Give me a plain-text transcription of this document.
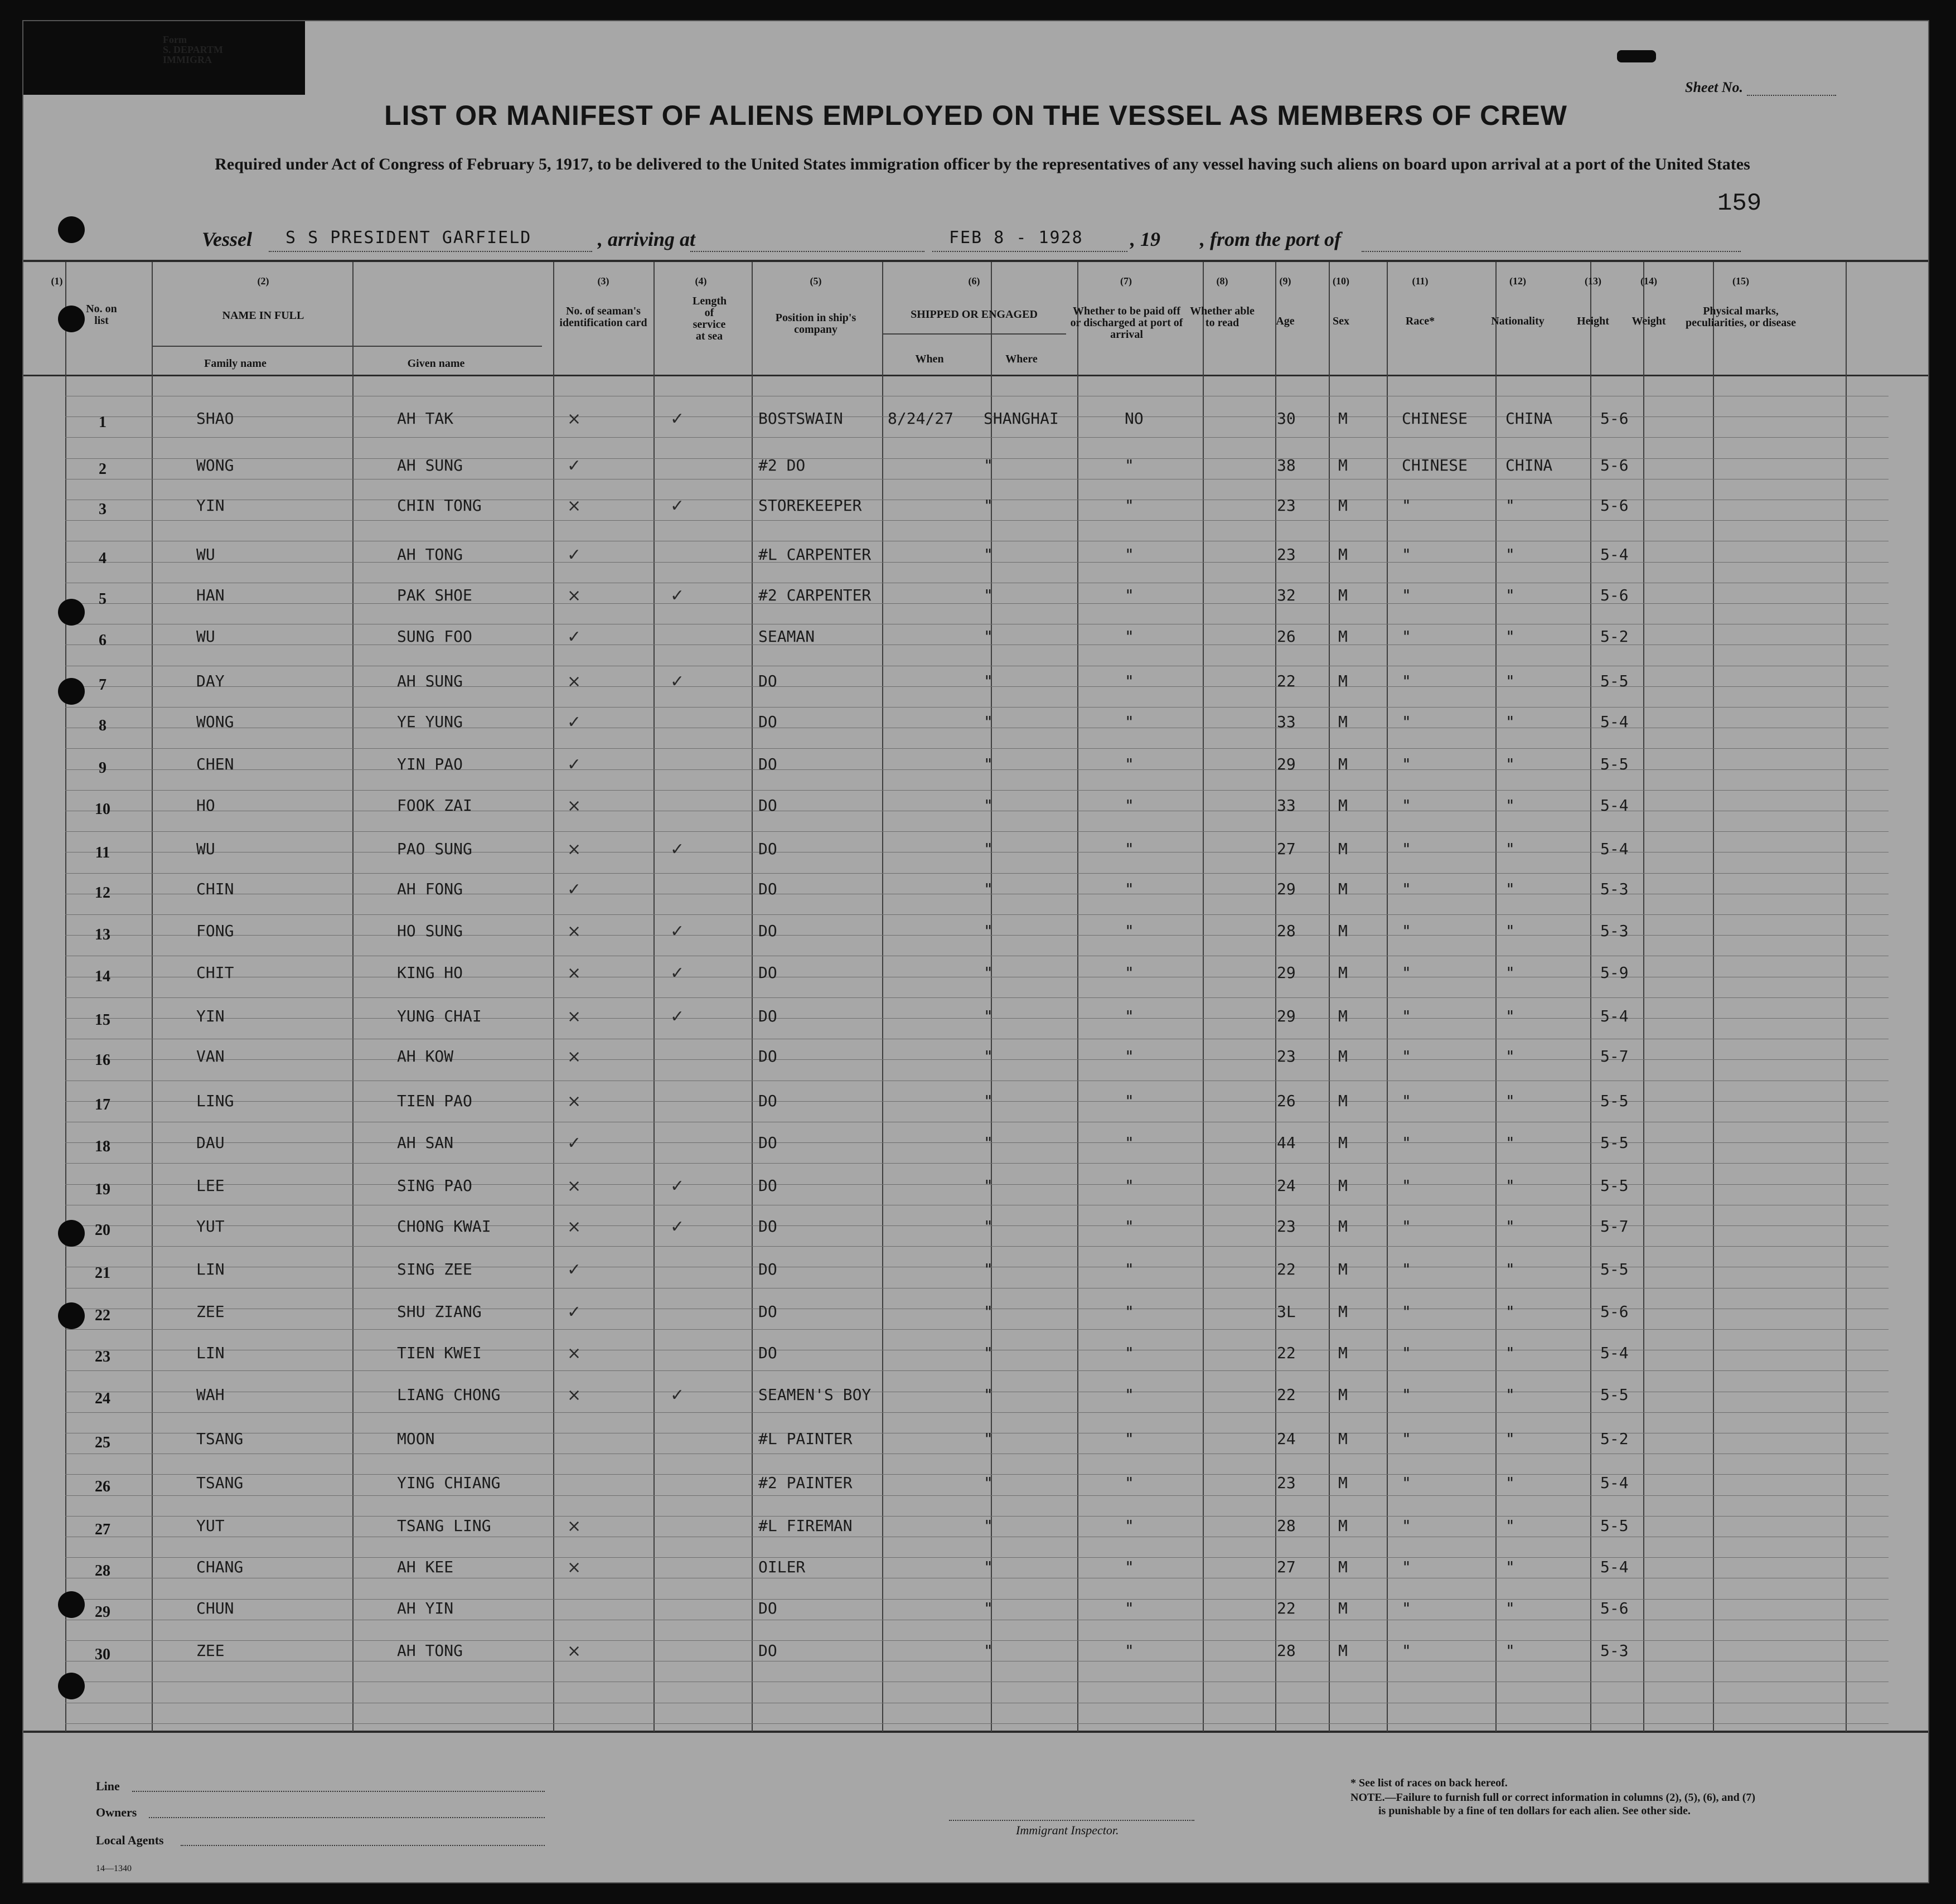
Form
S. DEPARTM
IMMIGRA
Sheet No.
LIST OR MANIFEST OF ALIENS EMPLOYED ON THE VESSEL AS MEMBERS OF CREW
Required under Act of Congress of February 5, 1917, to be delivered to the United States immigration officer by the representatives of any vessel having such aliens on board upon arrival at a port of the United States
159
Vessel S S PRESIDENT GARFIELD	, arriving at	FEB 8 - 1928 , 19 , from the port of
(1)
No. on list
(2)
NAME IN FULL
Family name	Given name
(3)
No. of seaman's identification card
(4)
Length of service at sea
(5)
Position in ship's company
(6)
SHIPPED OR ENGAGED
When	Where
(7)
Whether to be paid off or discharged at port of arrival
(8)
Whether able to read
(9)
Age
(10)
Sex
(11)
Race*
(12)
Nationality
(13)
Height
(14)
Weight
(15)
Physical marks, peculiarities, or disease
1	SHAO	AH TAK	×	✓	BOSTSWAIN	8/24/27 SHANGHAI	NO	30	M	CHINESE CHINA	5-6
2	WONG	AH SUNG	✓	#2 DO	"	"	38	M	CHINESE CHINA	5-6
3	YIN	CHIN TONG	×	✓	STOREKEEPER	"	"	23	M	"	"	5-6
4	WU	AH TONG	✓	#L CARPENTER	"	"	23	M	"	"	5-4
5	HAN	PAK SHOE	×	✓	#2 CARPENTER	"	"	32	M	"	"	5-6
6	WU	SUNG FOO	✓	SEAMAN	"	"	26	M	"	"	5-2
7	DAY	AH SUNG	×	✓	DO	"	"	22	M	"	"	5-5
8	WONG	YE YUNG	✓	DO	"	"	33	M	"	"	5-4
9	CHEN	YIN PAO	✓	DO	"	"	29	M	"	"	5-5
10	HO	FOOK ZAI	×	DO	"	"	33	M	"	"	5-4
11	WU	PAO SUNG	×	✓	DO	"	"	27	M	"	"	5-4
12	CHIN	AH FONG	✓	DO	"	"	29	M	"	"	5-3
13	FONG	HO SUNG	×	✓	DO	"	"	28	M	"	"	5-3
14	CHIT	KING HO	×	✓	DO	"	"	29	M	"	"	5-9
15	YIN	YUNG CHAI	×	✓	DO	"	"	29	M	"	"	5-4
16	VAN	AH KOW	×	DO	"	"	23	M	"	"	5-7
17	LING	TIEN PAO	×	DO	"	"	26	M	"	"	5-5
18	DAU	AH SAN	✓	DO	"	"	44	M	"	"	5-5
19	LEE	SING PAO	×	✓	DO	"	"	24	M	"	"	5-5
20	YUT	CHONG KWAI	×	✓	DO	"	"	23	M	"	"	5-7
21	LIN	SING ZEE	✓	DO	"	"	22	M	"	"	5-5
22	ZEE	SHU ZIANG	✓	DO	"	"	3L	M	"	"	5-6
23	LIN	TIEN KWEI	×	DO	"	"	22	M	"	"	5-4
24	WAH	LIANG CHONG	×	✓	SEAMEN'S BOY	"	"	22	M	"	"	5-5
25	TSANG	MOON	#L PAINTER	"	"	24	M	"	"	5-2
26	TSANG	YING CHIANG	#2 PAINTER	"	"	23	M	"	"	5-4
27	YUT	TSANG LING	×	#L FIREMAN	"	"	28	M	"	"	5-5
28	CHANG	AH KEE	×	OILER	"	"	27	M	"	"	5-4
29	CHUN	AH YIN	DO	"	"	22	M	"	"	5-6
30	ZEE	AH TONG	×	DO	"	"	28	M	"	"	5-3
Line
Owners
Local Agents
14—1340
Immigrant Inspector.
* See list of races on back hereof.
NOTE.—Failure to furnish full or correct information in columns (2), (5), (6), and (7)
is punishable by a fine of ten dollars for each alien. See other side.
